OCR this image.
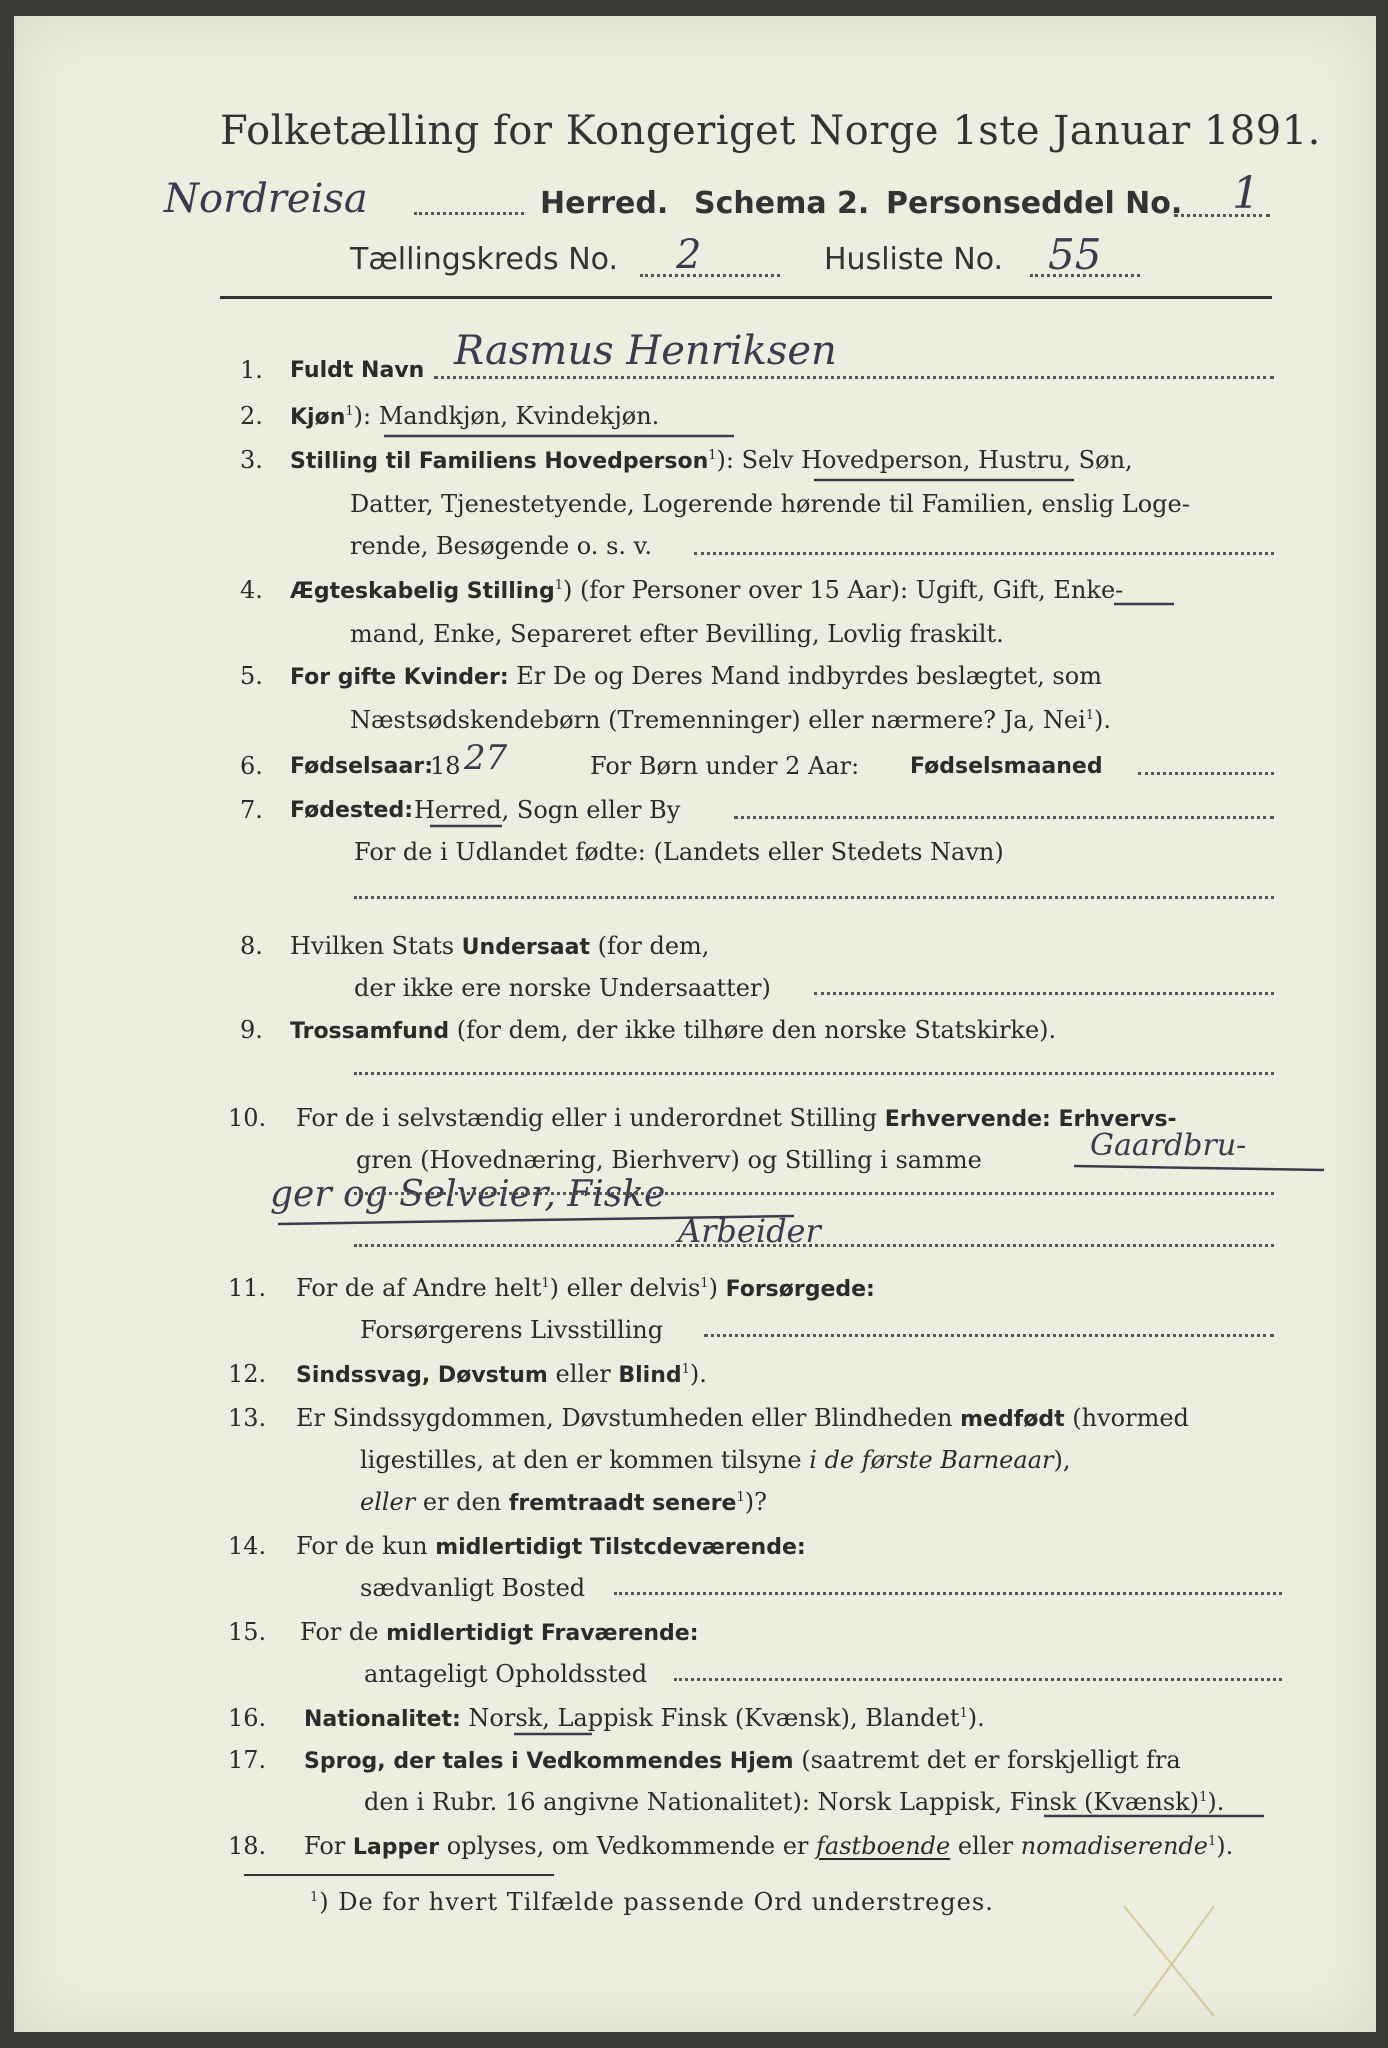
Folketælling for Kongeriget Norge 1ste Januar 1891.
Nordreisa	Herred. Schema 2. Personseddel No. 1
Tællingskreds No. 2	Husliste No. 55
1. Fuldt Navn Rasmus Henriksen
2. Kjøn$^1$): Mandkjøn, Kvindekjøn.
3. Stilling til Familiens Hovedperson$^1$): Selv Hovedperson, Hustru, Søn,
Datter, Tjenestetyende, Logerende hørende til Familien, enslig Loge-
rende, Besøgende o. s. v.
4. Ægteskabelig Stilling$^1$) (for Personer over 15 Aar): Ugift, Gift, Enke-
mand, Enke, Separeret efter Bevilling, Lovlig fraskilt.
5. For gifte Kvinder: Er De og Deres Mand indbyrdes beslægtet, som
Næstsødskendebørn (Tremenninger) eller nærmere? Ja, Nei$^1$).
6. Fødselsaar:
18 27	For Børn under 2 Aar: Fødselsmaaned
7. Fødested: Herred, Sogn eller By
For de i Udlandet fødte: (Landets eller Stedets Navn)
8. Hvilken Stats Undersaat (for dem,
der ikke ere norske Undersaatter)
9. Trossamfund (for dem, der ikke tilhøre den norske Statskirke).
10. For de i selvstændig eller i underordnet Stilling Erhvervende: Erhvervs-
gren (Hovednæring, Bierhverv) og Stilling i samme	Gaardbru-
ger og Selveier, Fiske
Arbeider
11. For de af Andre helt$^1$) eller delvis$^1$) Forsørgede:
Forsørgerens Livsstilling
12. Sindssvag, Døvstum eller Blind$^1$).
13. Er Sindssygdommen, Døvstumheden eller Blindheden medfødt (hvormed
ligestilles, at den er kommen tilsyne i de første Barneaar),
eller er den fremtraadt senere$^1$)?
14. For de kun midlertidigt Tilstcdeværende:
sædvanligt Bosted
15. For de midlertidigt Fraværende:
antageligt Opholdssted
16. Nationalitet: Norsk, Lappisk Finsk (Kvænsk), Blandet$^1$).
17. Sprog, der tales i Vedkommendes Hjem (saatremt det er forskjelligt fra
den i Rubr. 16 angivne Nationalitet): Norsk Lappisk, Finsk (Kvænsk)$^1$).
18. For Lapper oplyses, om Vedkommende er fastboende eller nomadiserende$^1$).
$^1$) De for hvert Tilfælde passende Ord understreges.
